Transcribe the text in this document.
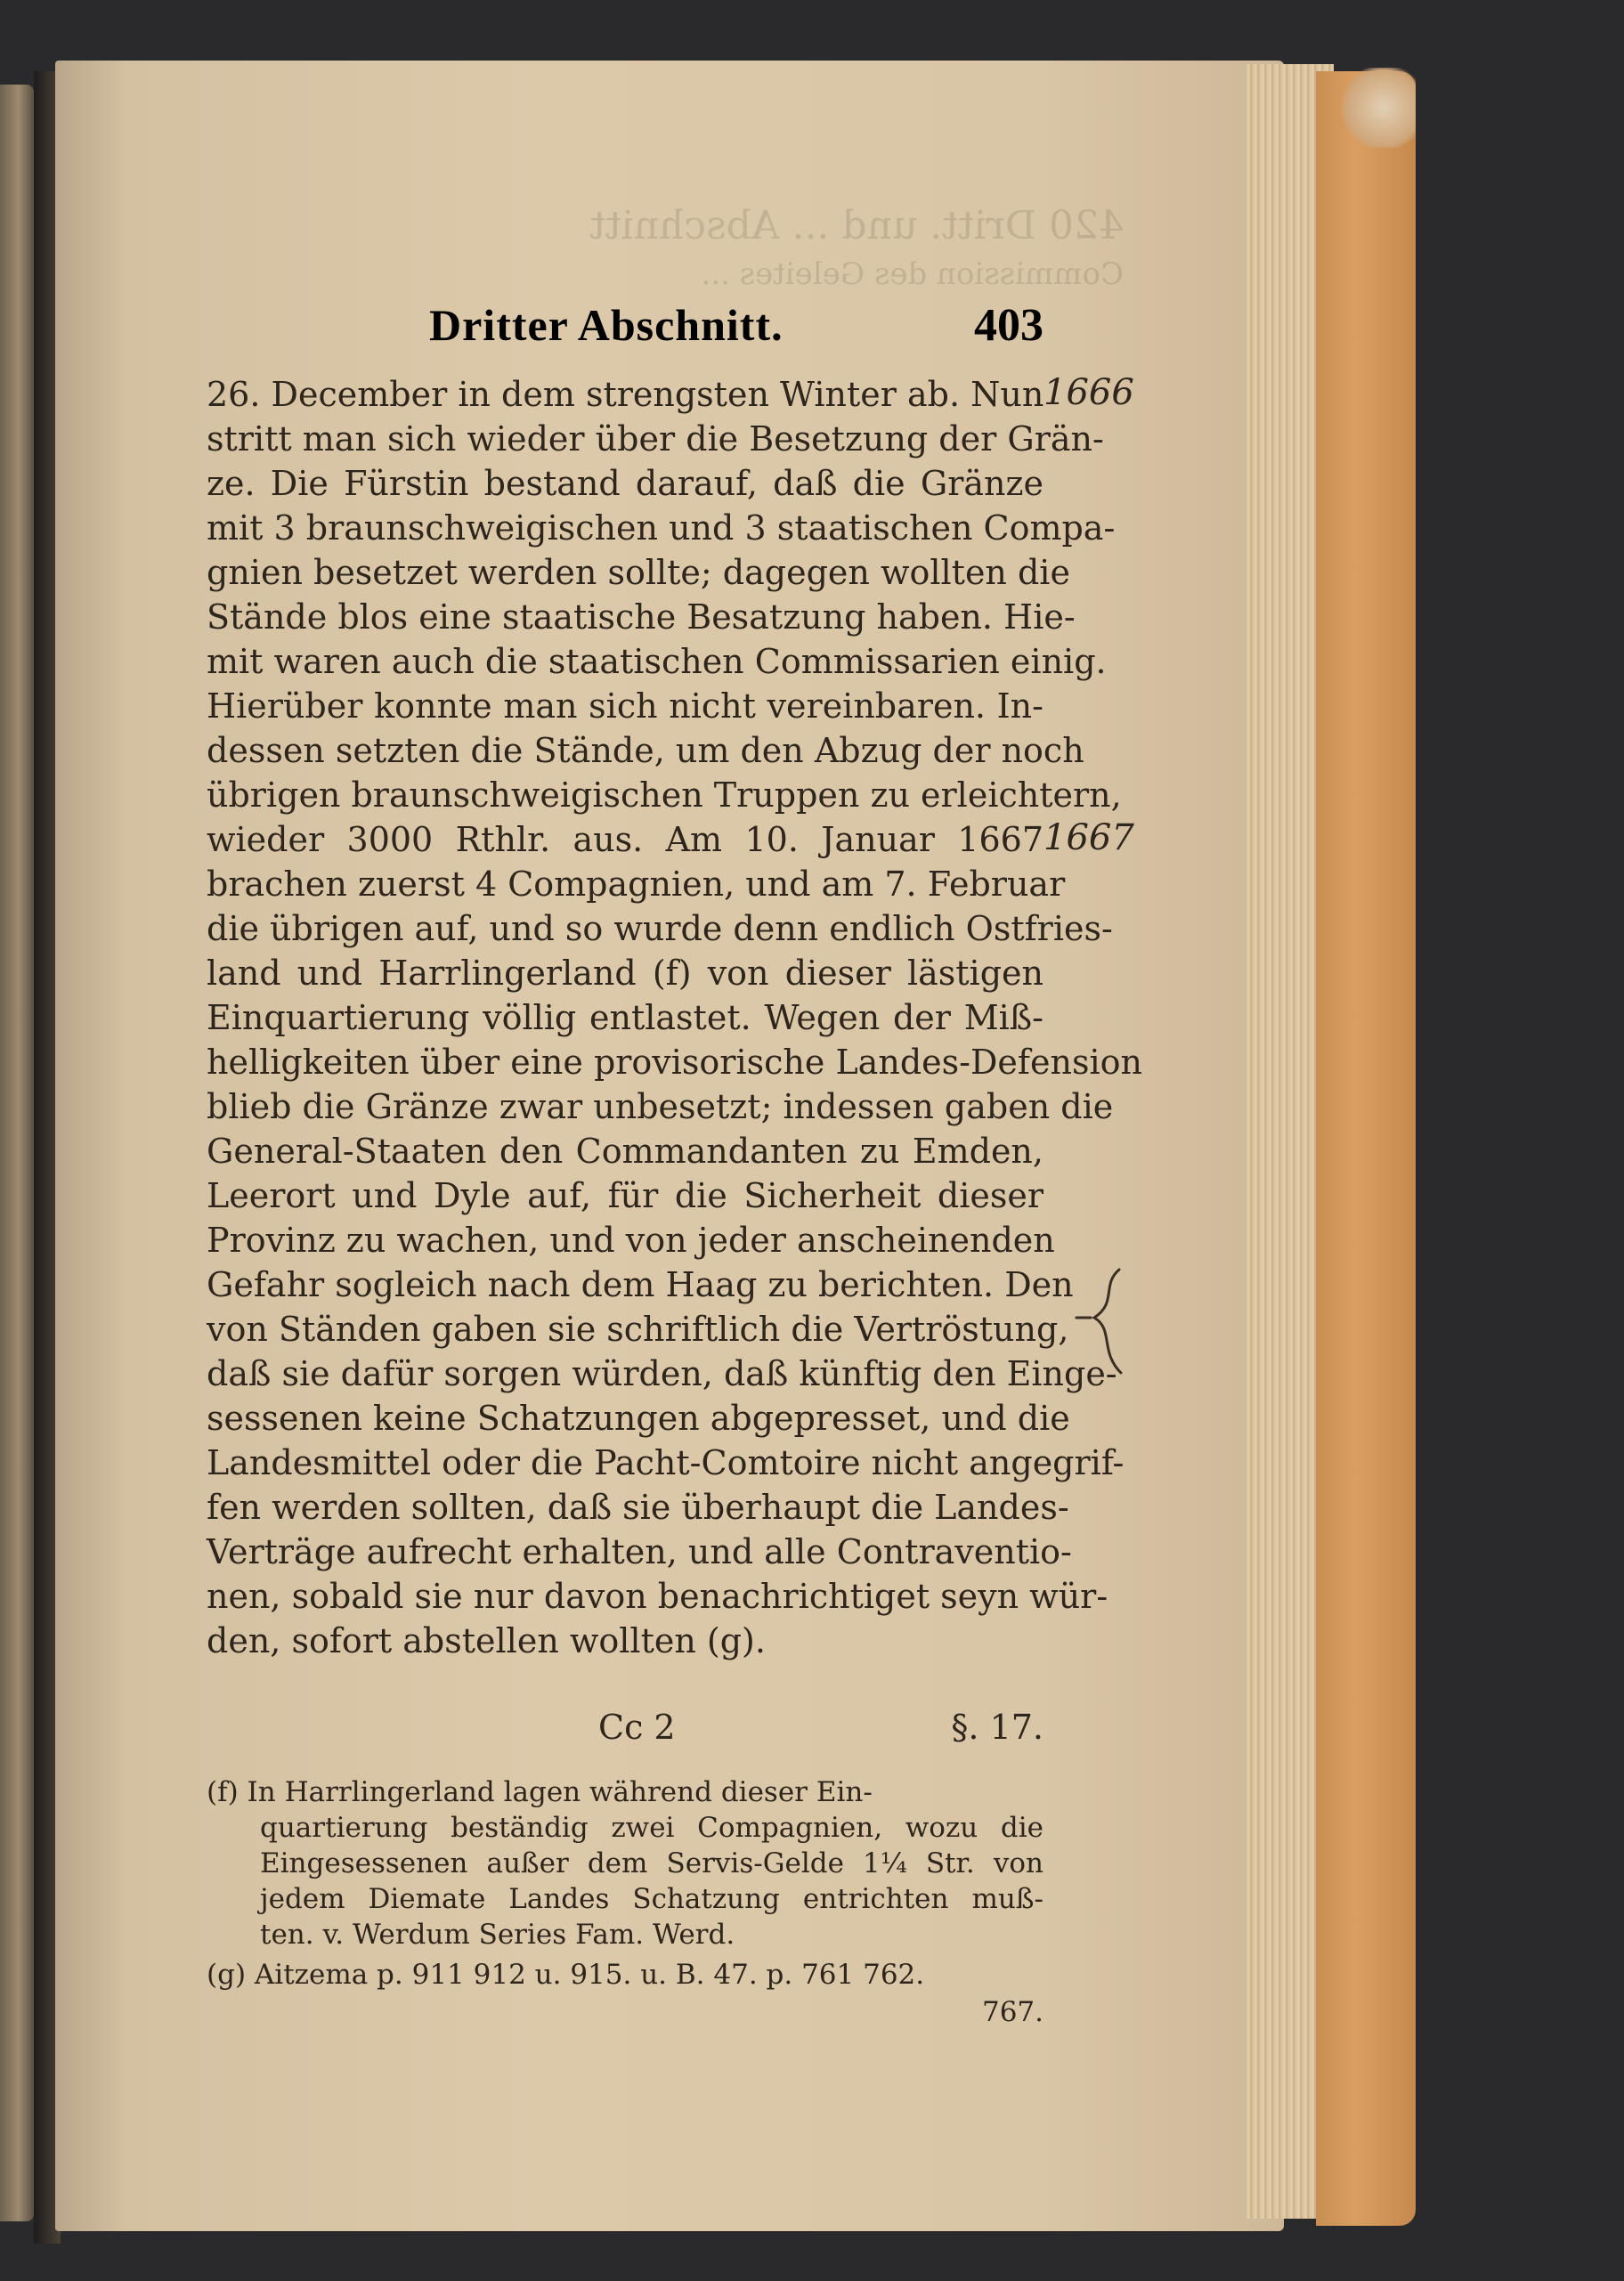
420 Dritt. und ... Abschnitt
Commission des Geleites ...
Dritter Abschnitt.	403
26. December in dem strengsten Winter ab. Nun
stritt man sich wieder über die Besetzung der Grän-
ze. Die Fürstin bestand darauf, daß die Gränze
mit 3 braunschweigischen und 3 staatischen Compa-
gnien besetzet werden sollte; dagegen wollten die
Stände blos eine staatische Besatzung haben. Hie-
mit waren auch die staatischen Commissarien einig.
Hierüber konnte man sich nicht vereinbaren. In-
dessen setzten die Stände, um den Abzug der noch
übrigen braunschweigischen Truppen zu erleichtern,
wieder 3000 Rthlr. aus. Am 10. Januar 1667
brachen zuerst 4 Compagnien, und am 7. Februar
die übrigen auf, und so wurde denn endlich Ostfries-
land und Harrlingerland (f) von dieser lästigen
Einquartierung völlig entlastet. Wegen der Miß-
helligkeiten über eine provisorische Landes-Defension
blieb die Gränze zwar unbesetzt; indessen gaben die
General-Staaten den Commandanten zu Emden,
Leerort und Dyle auf, für die Sicherheit dieser
Provinz zu wachen, und von jeder anscheinenden
Gefahr sogleich nach dem Haag zu berichten. Den
von Ständen gaben sie schriftlich die Vertröstung,
daß sie dafür sorgen würden, daß künftig den Einge-
sessenen keine Schatzungen abgepresset, und die
Landesmittel oder die Pacht-Comtoire nicht angegrif-
fen werden sollten, daß sie überhaupt die Landes-
Verträge aufrecht erhalten, und alle Contraventio-
nen, sobald sie nur davon benachrichtiget seyn wür-
den, sofort abstellen wollten (g).
Cc 2	§. 17.
(f) In Harrlingerland lagen während dieser Ein-
quartierung beständig zwei Compagnien, wozu die
Eingesessenen außer dem Servis-Gelde 1¼ Str. von
jedem Diemate Landes Schatzung entrichten muß-
ten. v. Werdum Series Fam. Werd.
(g) Aitzema p. 911 912 u. 915. u. B. 47. p. 761 762.
767.
1666
1667
